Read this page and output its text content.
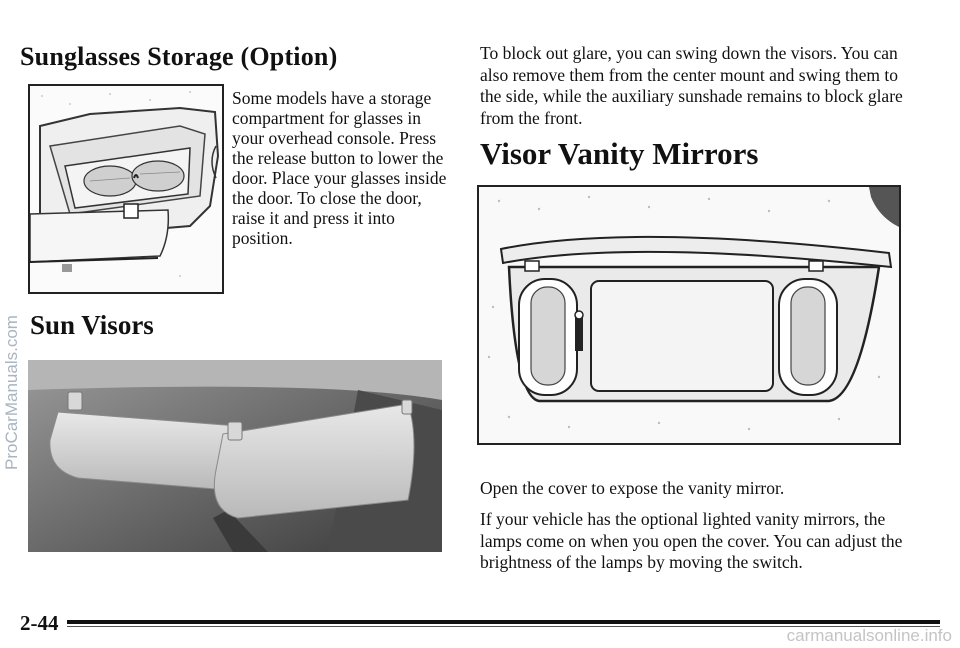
Sunglasses Storage (Option)

Some models have a storage compartment for glasses in your overhead console. Press the release button to lower the door. Place your glasses inside the door. To close the door, raise it and press it into position.

Sun Visors

To block out glare, you can swing down the visors. You can also remove them from the center mount and swing them to the side, while the auxiliary sunshade remains to block glare from the front.

Visor Vanity Mirrors

Open the cover to expose the vanity mirror.

If your vehicle has the optional lighted vanity mirrors, the lamps come on when you open the cover. You can adjust the brightness of the lamps by moving the switch.

2-44
ProCarManuals.com
carmanualsonline.info
